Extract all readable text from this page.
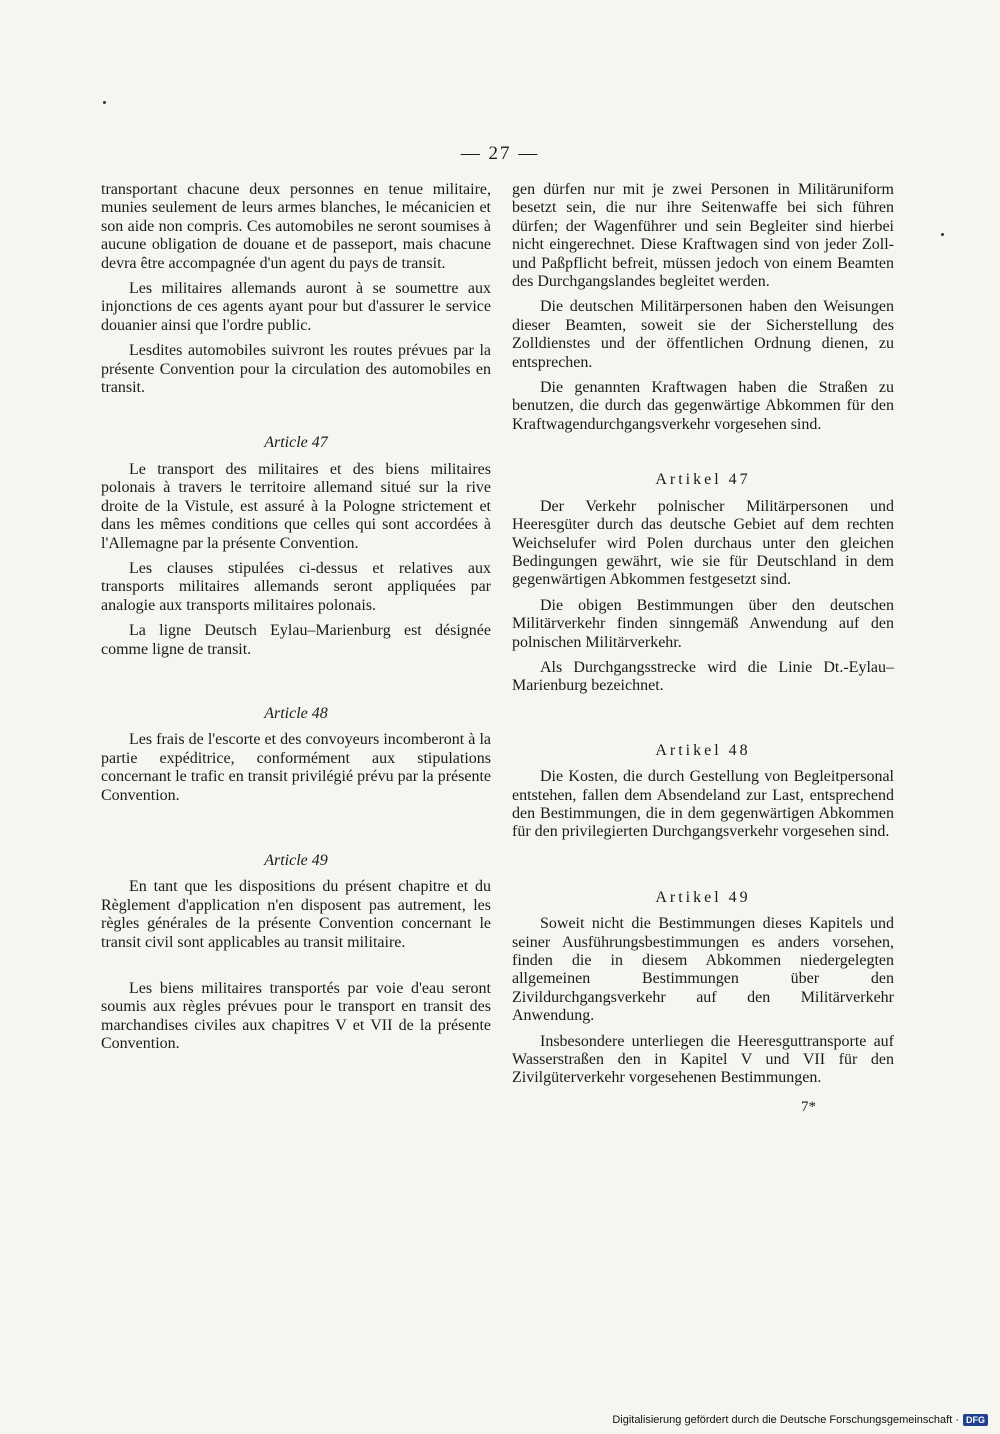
— 27 —

transportant chacune deux personnes en tenue militaire, munies seulement de leurs armes blanches, le mécanicien et son aide non compris. Ces automobiles ne seront soumises à aucune obligation de douane et de passeport, mais chacune devra être accompagnée d'un agent du pays de transit.

Les militaires allemands auront à se soumettre aux injonctions de ces agents ayant pour but d'assurer le service douanier ainsi que l'ordre public.

Lesdites automobiles suivront les routes prévues par la présente Convention pour la circulation des automobiles en transit.

Article 47

Le transport des militaires et des biens militaires polonais à travers le territoire allemand situé sur la rive droite de la Vistule, est assuré à la Pologne strictement et dans les mêmes conditions que celles qui sont accordées à l'Allemagne par la présente Convention.

Les clauses stipulées ci-dessus et relatives aux transports militaires allemands seront appliquées par analogie aux transports militaires polonais.

La ligne Deutsch Eylau–Marienburg est désignée comme ligne de transit.

Article 48

Les frais de l'escorte et des convoyeurs incomberont à la partie expéditrice, conformément aux stipulations concernant le trafic en transit privilégié prévu par la présente Convention.

Article 49

En tant que les dispositions du présent chapitre et du Règlement d'application n'en disposent pas autrement, les règles générales de la présente Convention concernant le transit civil sont applicables au transit militaire.

Les biens militaires transportés par voie d'eau seront soumis aux règles prévues pour le transport en transit des marchandises civiles aux chapitres V et VII de la présente Convention.

gen dürfen nur mit je zwei Personen in Militäruniform besetzt sein, die nur ihre Seitenwaffe bei sich führen dürfen; der Wagenführer und sein Begleiter sind hierbei nicht eingerechnet. Diese Kraftwagen sind von jeder Zoll- und Paßpflicht befreit, müssen jedoch von einem Beamten des Durchgangslandes begleitet werden.

Die deutschen Militärpersonen haben den Weisungen dieser Beamten, soweit sie der Sicherstellung des Zolldienstes und der öffentlichen Ordnung dienen, zu entsprechen.

Die genannten Kraftwagen haben die Straßen zu benutzen, die durch das gegenwärtige Abkommen für den Kraftwagendurchgangsverkehr vorgesehen sind.

Artikel 47

Der Verkehr polnischer Militärpersonen und Heeresgüter durch das deutsche Gebiet auf dem rechten Weichselufer wird Polen durchaus unter den gleichen Bedingungen gewährt, wie sie für Deutschland in dem gegenwärtigen Abkommen festgesetzt sind.

Die obigen Bestimmungen über den deutschen Militärverkehr finden sinngemäß Anwendung auf den polnischen Militärverkehr.

Als Durchgangsstrecke wird die Linie Dt.-Eylau–Marienburg bezeichnet.

Artikel 48

Die Kosten, die durch Gestellung von Begleitpersonal entstehen, fallen dem Absendeland zur Last, entsprechend den Bestimmungen, die in dem gegenwärtigen Abkommen für den privilegierten Durchgangsverkehr vorgesehen sind.

Artikel 49

Soweit nicht die Bestimmungen dieses Kapitels und seiner Ausführungsbestimmungen es anders vorsehen, finden die in diesem Abkommen niedergelegten allgemeinen Bestimmungen über den Zivildurchgangsverkehr auf den Militärverkehr Anwendung.

Insbesondere unterliegen die Heeresguttransporte auf Wasserstraßen den in Kapitel V und VII für den Zivilgüterverkehr vorgesehenen Bestimmungen.

7*
Digitalisierung gefördert durch die Deutsche Forschungsgemeinschaft · DFG
